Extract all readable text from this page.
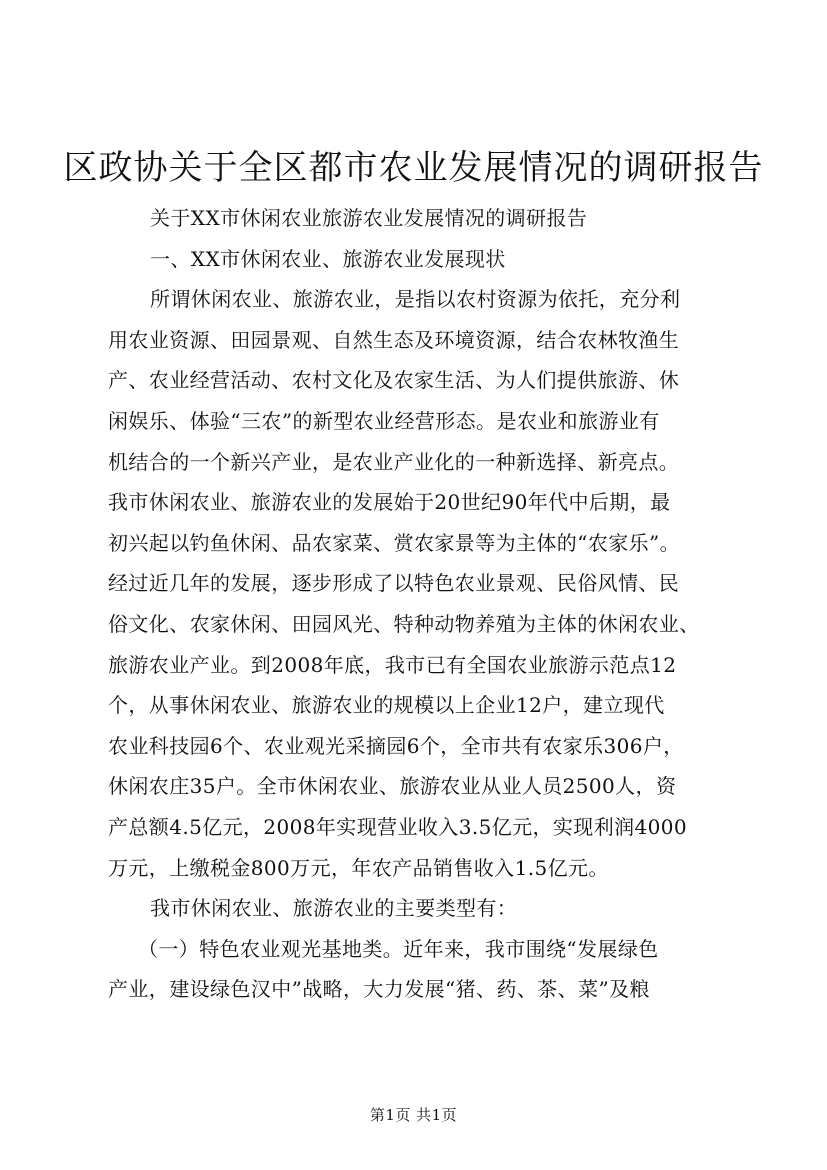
区政协关于全区都市农业发展情况的调研报告
关于XX市休闲农业旅游农业发展情况的调研报告
一、XX市休闲农业、旅游农业发展现状
所谓休闲农业、旅游农业，是指以农村资源为依托，充分利
用农业资源、田园景观、自然生态及环境资源，结合农林牧渔生
产、农业经营活动、农村文化及农家生活、为人们提供旅游、休
闲娱乐、体验“三农”的新型农业经营形态。是农业和旅游业有
机结合的一个新兴产业，是农业产业化的一种新选择、新亮点。
我市休闲农业、旅游农业的发展始于20世纪90年代中后期，最
初兴起以钓鱼休闲、品农家菜、赏农家景等为主体的“农家乐”。
经过近几年的发展，逐步形成了以特色农业景观、民俗风情、民
俗文化、农家休闲、田园风光、特种动物养殖为主体的休闲农业、
旅游农业产业。到2008年底，我市已有全国农业旅游示范点12
个，从事休闲农业、旅游农业的规模以上企业12户，建立现代
农业科技园6个、农业观光采摘园6个，全市共有农家乐306户，
休闲农庄35户。全市休闲农业、旅游农业从业人员2500人，资
产总额4.5亿元，2008年实现营业收入3.5亿元，实现利润4000
万元，上缴税金800万元，年农产品销售收入1.5亿元。
我市休闲农业、旅游农业的主要类型有：
（一）特色农业观光基地类。近年来，我市围绕“发展绿色
产业，建设绿色汉中”战略，大力发展“猪、药、茶、菜”及粮
第1页 共1页
